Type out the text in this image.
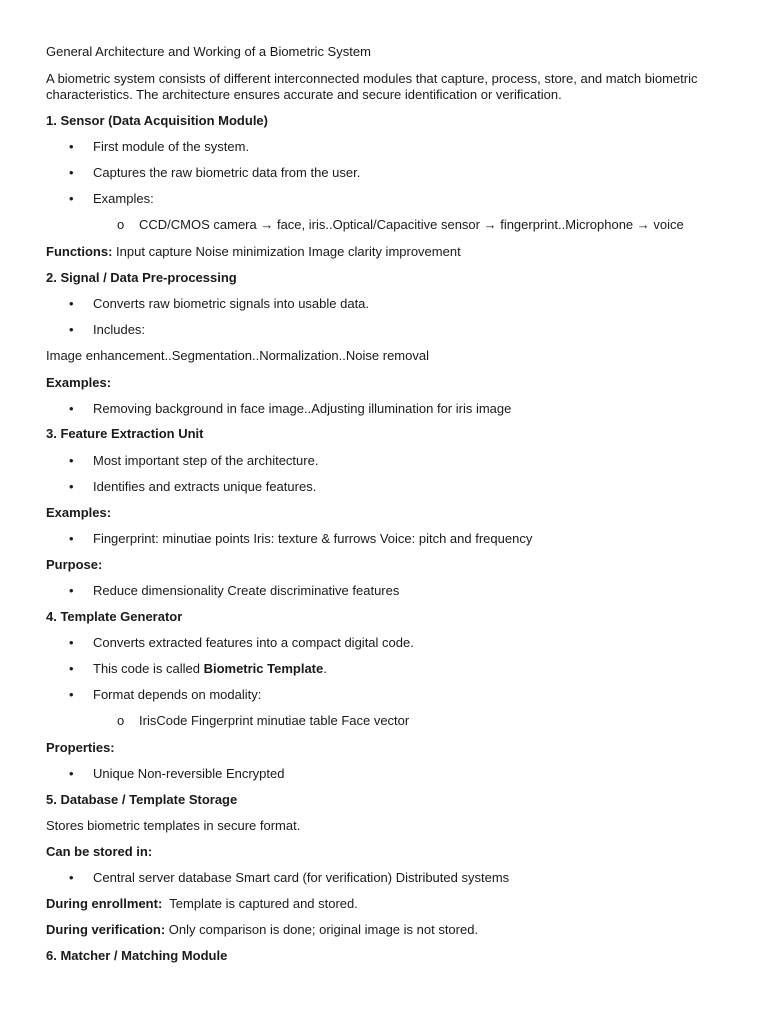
General Architecture and Working of a Biometric System
A biometric system consists of different interconnected modules that capture, process, store, and match biometric characteristics. The architecture ensures accurate and secure identification or verification.
1. Sensor (Data Acquisition Module)
• First module of the system.
• Captures the raw biometric data from the user.
• Examples:
o CCD/CMOS camera → face, iris..Optical/Capacitive sensor → fingerprint..Microphone → voice
Functions: Input capture Noise minimization Image clarity improvement
2. Signal / Data Pre-processing
• Converts raw biometric signals into usable data.
• Includes:
Image enhancement..Segmentation..Normalization..Noise removal
Examples:
• Removing background in face image..Adjusting illumination for iris image
3. Feature Extraction Unit
• Most important step of the architecture.
• Identifies and extracts unique features.
Examples:
• Fingerprint: minutiae points Iris: texture & furrows Voice: pitch and frequency
Purpose:
• Reduce dimensionality Create discriminative features
4. Template Generator
• Converts extracted features into a compact digital code.
• This code is called Biometric Template.
• Format depends on modality:
o IrisCode Fingerprint minutiae table Face vector
Properties:
• Unique Non-reversible Encrypted
5. Database / Template Storage
Stores biometric templates in secure format.
Can be stored in:
• Central server database Smart card (for verification) Distributed systems
During enrollment:  Template is captured and stored.
During verification: Only comparison is done; original image is not stored.
6. Matcher / Matching Module
